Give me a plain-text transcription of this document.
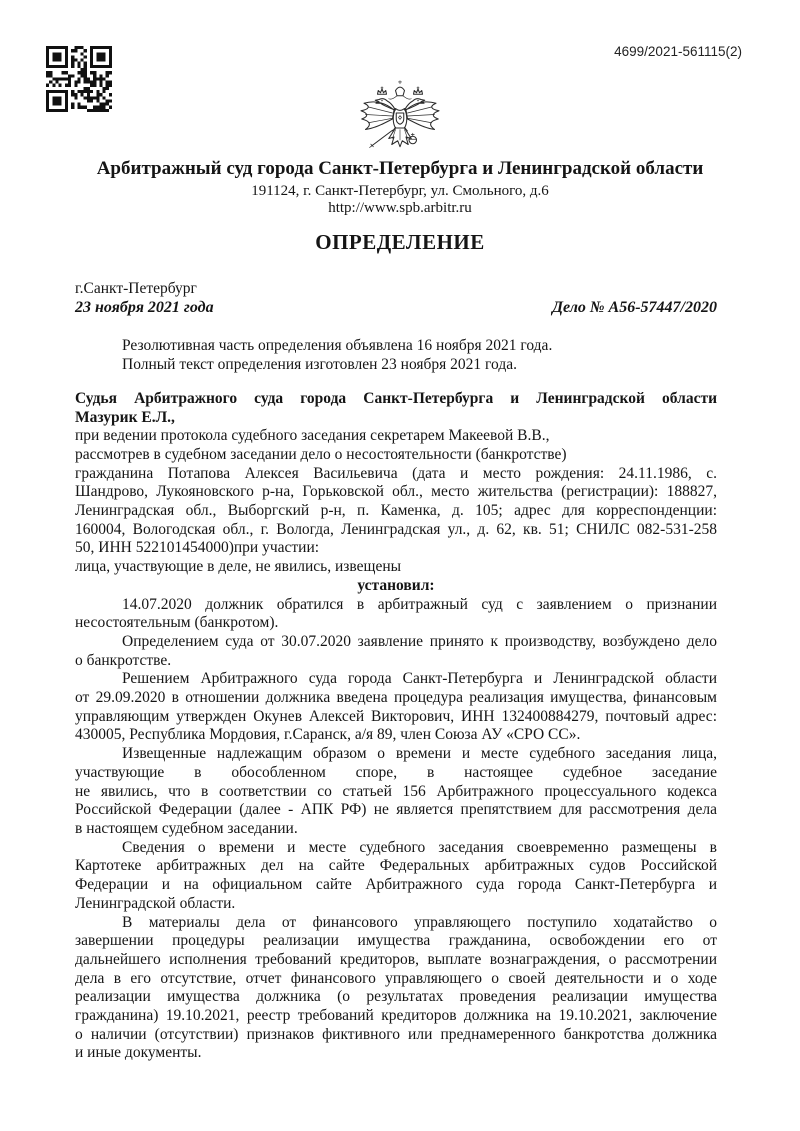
4699/2021-561115(2)
Арбитражный суд города Санкт-Петербурга и Ленинградской области
191124, г. Санкт-Петербург, ул. Смольного, д.6
http://www.spb.arbitr.ru
ОПРЕДЕЛЕНИЕ
г.Санкт-Петербург
23 ноября 2021 года	Дело № А56-57447/2020
Резолютивная часть определения объявлена 16 ноября 2021 года.
Полный текст определения изготовлен 23 ноября 2021 года.
Судья Арбитражного суда города Санкт-Петербурга и Ленинградской области
Мазурик Е.Л.,
при ведении протокола судебного заседания секретарем Макеевой В.В.,
рассмотрев в судебном заседании дело о несостоятельности (банкротстве)
гражданина Потапова Алексея Васильевича (дата и место рождения: 24.11.1986, с.
Шандрово, Лукояновского р-на, Горьковской обл., место жительства (регистрации): 188827,
Ленинградская обл., Выборгский р-н, п. Каменка, д. 105; адрес для корреспонденции:
160004, Вологодская обл., г. Вологда, Ленинградская ул., д. 62, кв. 51; СНИЛС 082-531-258
50, ИНН 522101454000)при участии:
лица, участвующие в деле, не явились, извещены
установил:
14.07.2020 должник обратился в арбитражный суд с заявлением о признании
несостоятельным (банкротом).
Определением суда от 30.07.2020 заявление принято к производству, возбуждено дело
о банкротстве.
Решением Арбитражного суда города Санкт-Петербурга и Ленинградской области
от 29.09.2020 в отношении должника введена процедура реализация имущества, финансовым
управляющим утвержден Окунев Алексей Викторович, ИНН 132400884279, почтовый адрес:
430005, Республика Мордовия, г.Саранск, а/я 89, член Союза АУ «СРО СС».
Извещенные надлежащим образом о времени и месте судебного заседания лица,
участвующие в обособленном споре, в настоящее судебное заседание
не явились, что в соответствии со статьей 156 Арбитражного процессуального кодекса
Российской Федерации (далее - АПК РФ) не является препятствием для рассмотрения дела
в настоящем судебном заседании.
Сведения о времени и месте судебного заседания своевременно размещены в
Картотеке арбитражных дел на сайте Федеральных арбитражных судов Российской
Федерации и на официальном сайте Арбитражного суда города Санкт-Петербурга и
Ленинградской области.
В материалы дела от финансового управляющего поступило ходатайство о
завершении процедуры реализации имущества гражданина, освобождении его от
дальнейшего исполнения требований кредиторов, выплате вознаграждения, о рассмотрении
дела в его отсутствие, отчет финансового управляющего о своей деятельности и о ходе
реализации имущества должника (о результатах проведения реализации имущества
гражданина) 19.10.2021, реестр требований кредиторов должника на 19.10.2021, заключение
о наличии (отсутствии) признаков фиктивного или преднамеренного банкротства должника
и иные документы.
